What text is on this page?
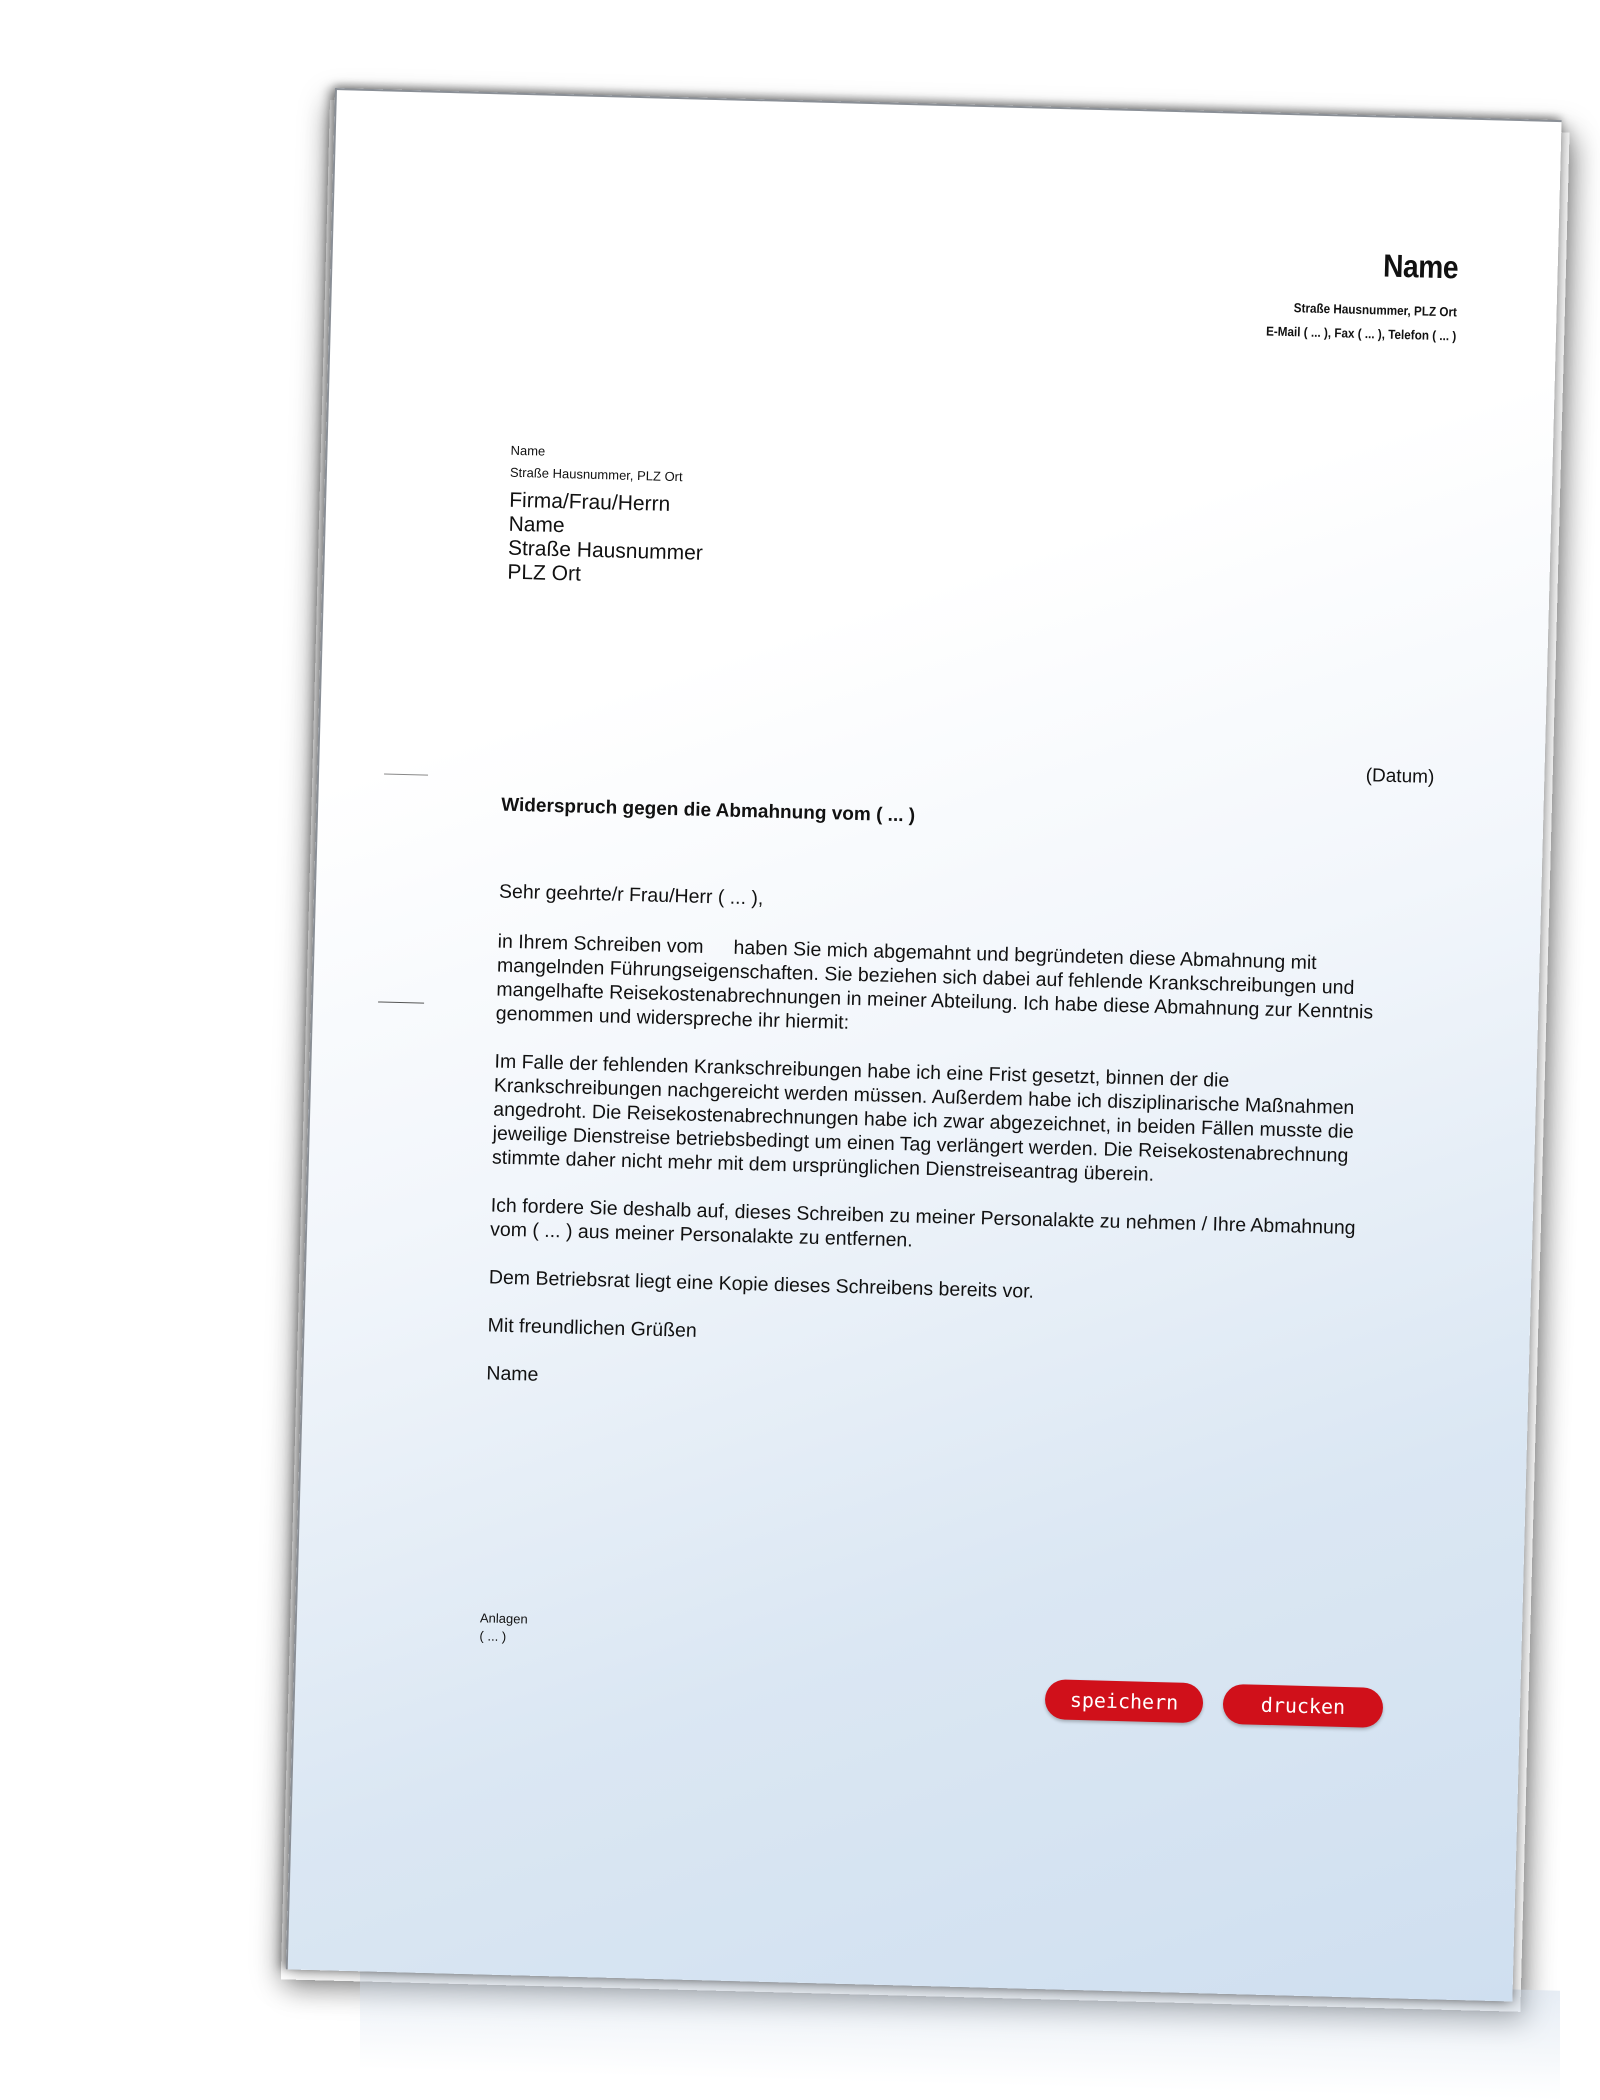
Name
Straße Hausnummer, PLZ Ort
E-Mail ( ... ), Fax ( ... ), Telefon ( ... )
Name
Straße Hausnummer, PLZ Ort
Firma/Frau/Herrn
Name
Straße Hausnummer
PLZ Ort
(Datum)
Widerspruch gegen die Abmahnung vom ( ... )

Sehr geehrte/r Frau/Herr ( ... ),

in Ihrem Schreiben vom haben Sie mich abgemahnt und begründeten diese Abmahnung mit mangelnden Führungseigenschaften. Sie beziehen sich dabei auf fehlende Krankschreibungen und mangelhafte Reisekostenabrechnungen in meiner Abteilung. Ich habe diese Abmahnung zur Kenntnis genommen und widerspreche ihr hiermit:

Im Falle der fehlenden Krankschreibungen habe ich eine Frist gesetzt, binnen der die Krankschreibungen nachgereicht werden müssen. Außerdem habe ich disziplinarische Maßnahmen angedroht. Die Reisekostenabrechnungen habe ich zwar abgezeichnet, in beiden Fällen musste die jeweilige Dienstreise betriebsbedingt um einen Tag verlängert werden. Die Reisekostenabrechnung stimmte daher nicht mehr mit dem ursprünglichen Dienstreiseantrag überein.

Ich fordere Sie deshalb auf, dieses Schreiben zu meiner Personalakte zu nehmen / Ihre Abmahnung vom ( ... ) aus meiner Personalakte zu entfernen.

Dem Betriebsrat liegt eine Kopie dieses Schreibens bereits vor.

Mit freundlichen Grüßen

Name

Anlagen
( ... )
speichern	drucken
